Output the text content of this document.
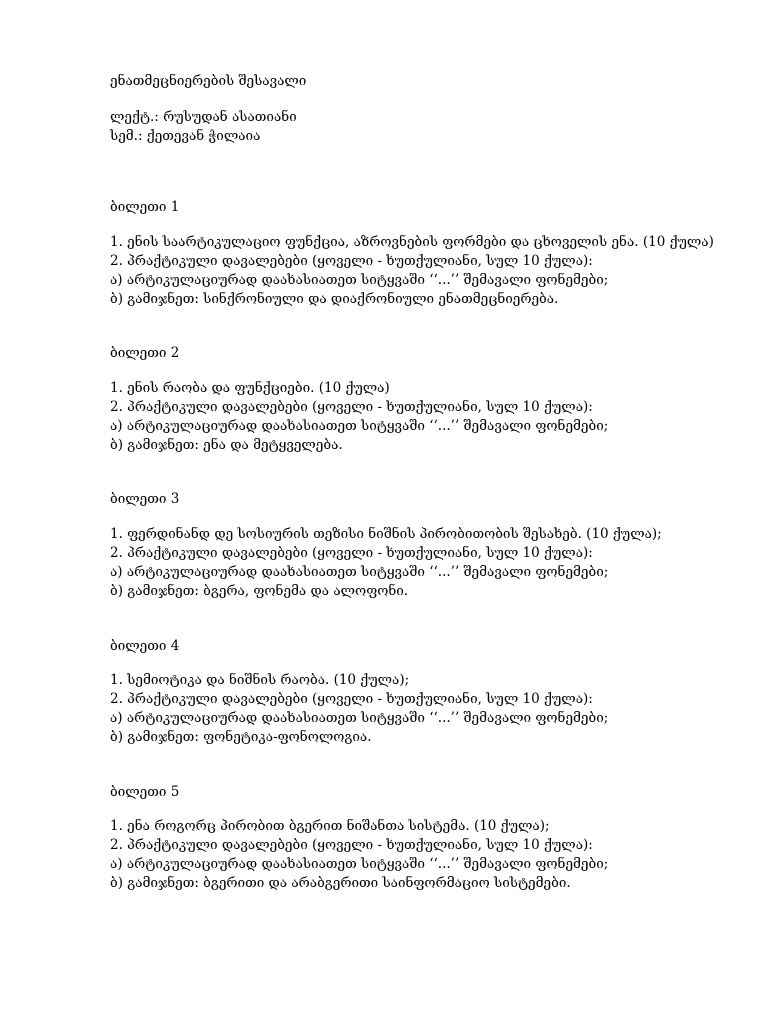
ენათმეცნიერების შესავალი
ლექტ.: რუსუდან ასათიანი
სემ.: ქეთევან ჭილაია
ბილეთი 1
1. ენის საარტიკულაციო ფუნქცია, აზროვნების ფორმები და ცხოველის ენა. (10 ქულა)
2. პრაქტიკული დავალებები (ყოველი - ხუთქულიანი, სულ 10 ქულა):
ა) არტიკულაციურად დაახასიათეთ სიტყვაში ‘‘...’’ შემავალი ფონემები;
ბ) გამიჯნეთ: სინქრონიული და დიაქრონიული ენათმეცნიერება.
ბილეთი 2
1. ენის რაობა და ფუნქციები. (10 ქულა)
2. პრაქტიკული დავალებები (ყოველი - ხუთქულიანი, სულ 10 ქულა):
ა) არტიკულაციურად დაახასიათეთ სიტყვაში ‘‘...’’ შემავალი ფონემები;
ბ) გამიჯნეთ: ენა და მეტყველება.
ბილეთი 3
1. ფერდინანდ დე სოსიურის თეზისი ნიშნის პირობითობის შესახებ. (10 ქულა);
2. პრაქტიკული დავალებები (ყოველი - ხუთქულიანი, სულ 10 ქულა):
ა) არტიკულაციურად დაახასიათეთ სიტყვაში ‘‘...’’ შემავალი ფონემები;
ბ) გამიჯნეთ: ბგერა, ფონემა და ალოფონი.
ბილეთი 4
1. სემიოტიკა და ნიშნის რაობა. (10 ქულა);
2. პრაქტიკული დავალებები (ყოველი - ხუთქულიანი, სულ 10 ქულა):
ა) არტიკულაციურად დაახასიათეთ სიტყვაში ‘‘...’’ შემავალი ფონემები;
ბ) გამიჯნეთ: ფონეტიკა-ფონოლოგია.
ბილეთი 5
1. ენა როგორც პირობით ბგერით ნიშანთა სისტემა. (10 ქულა);
2. პრაქტიკული დავალებები (ყოველი - ხუთქულიანი, სულ 10 ქულა):
ა) არტიკულაციურად დაახასიათეთ სიტყვაში ‘‘...’’ შემავალი ფონემები;
ბ) გამიჯნეთ: ბგერითი და არაბგერითი საინფორმაციო სისტემები.
